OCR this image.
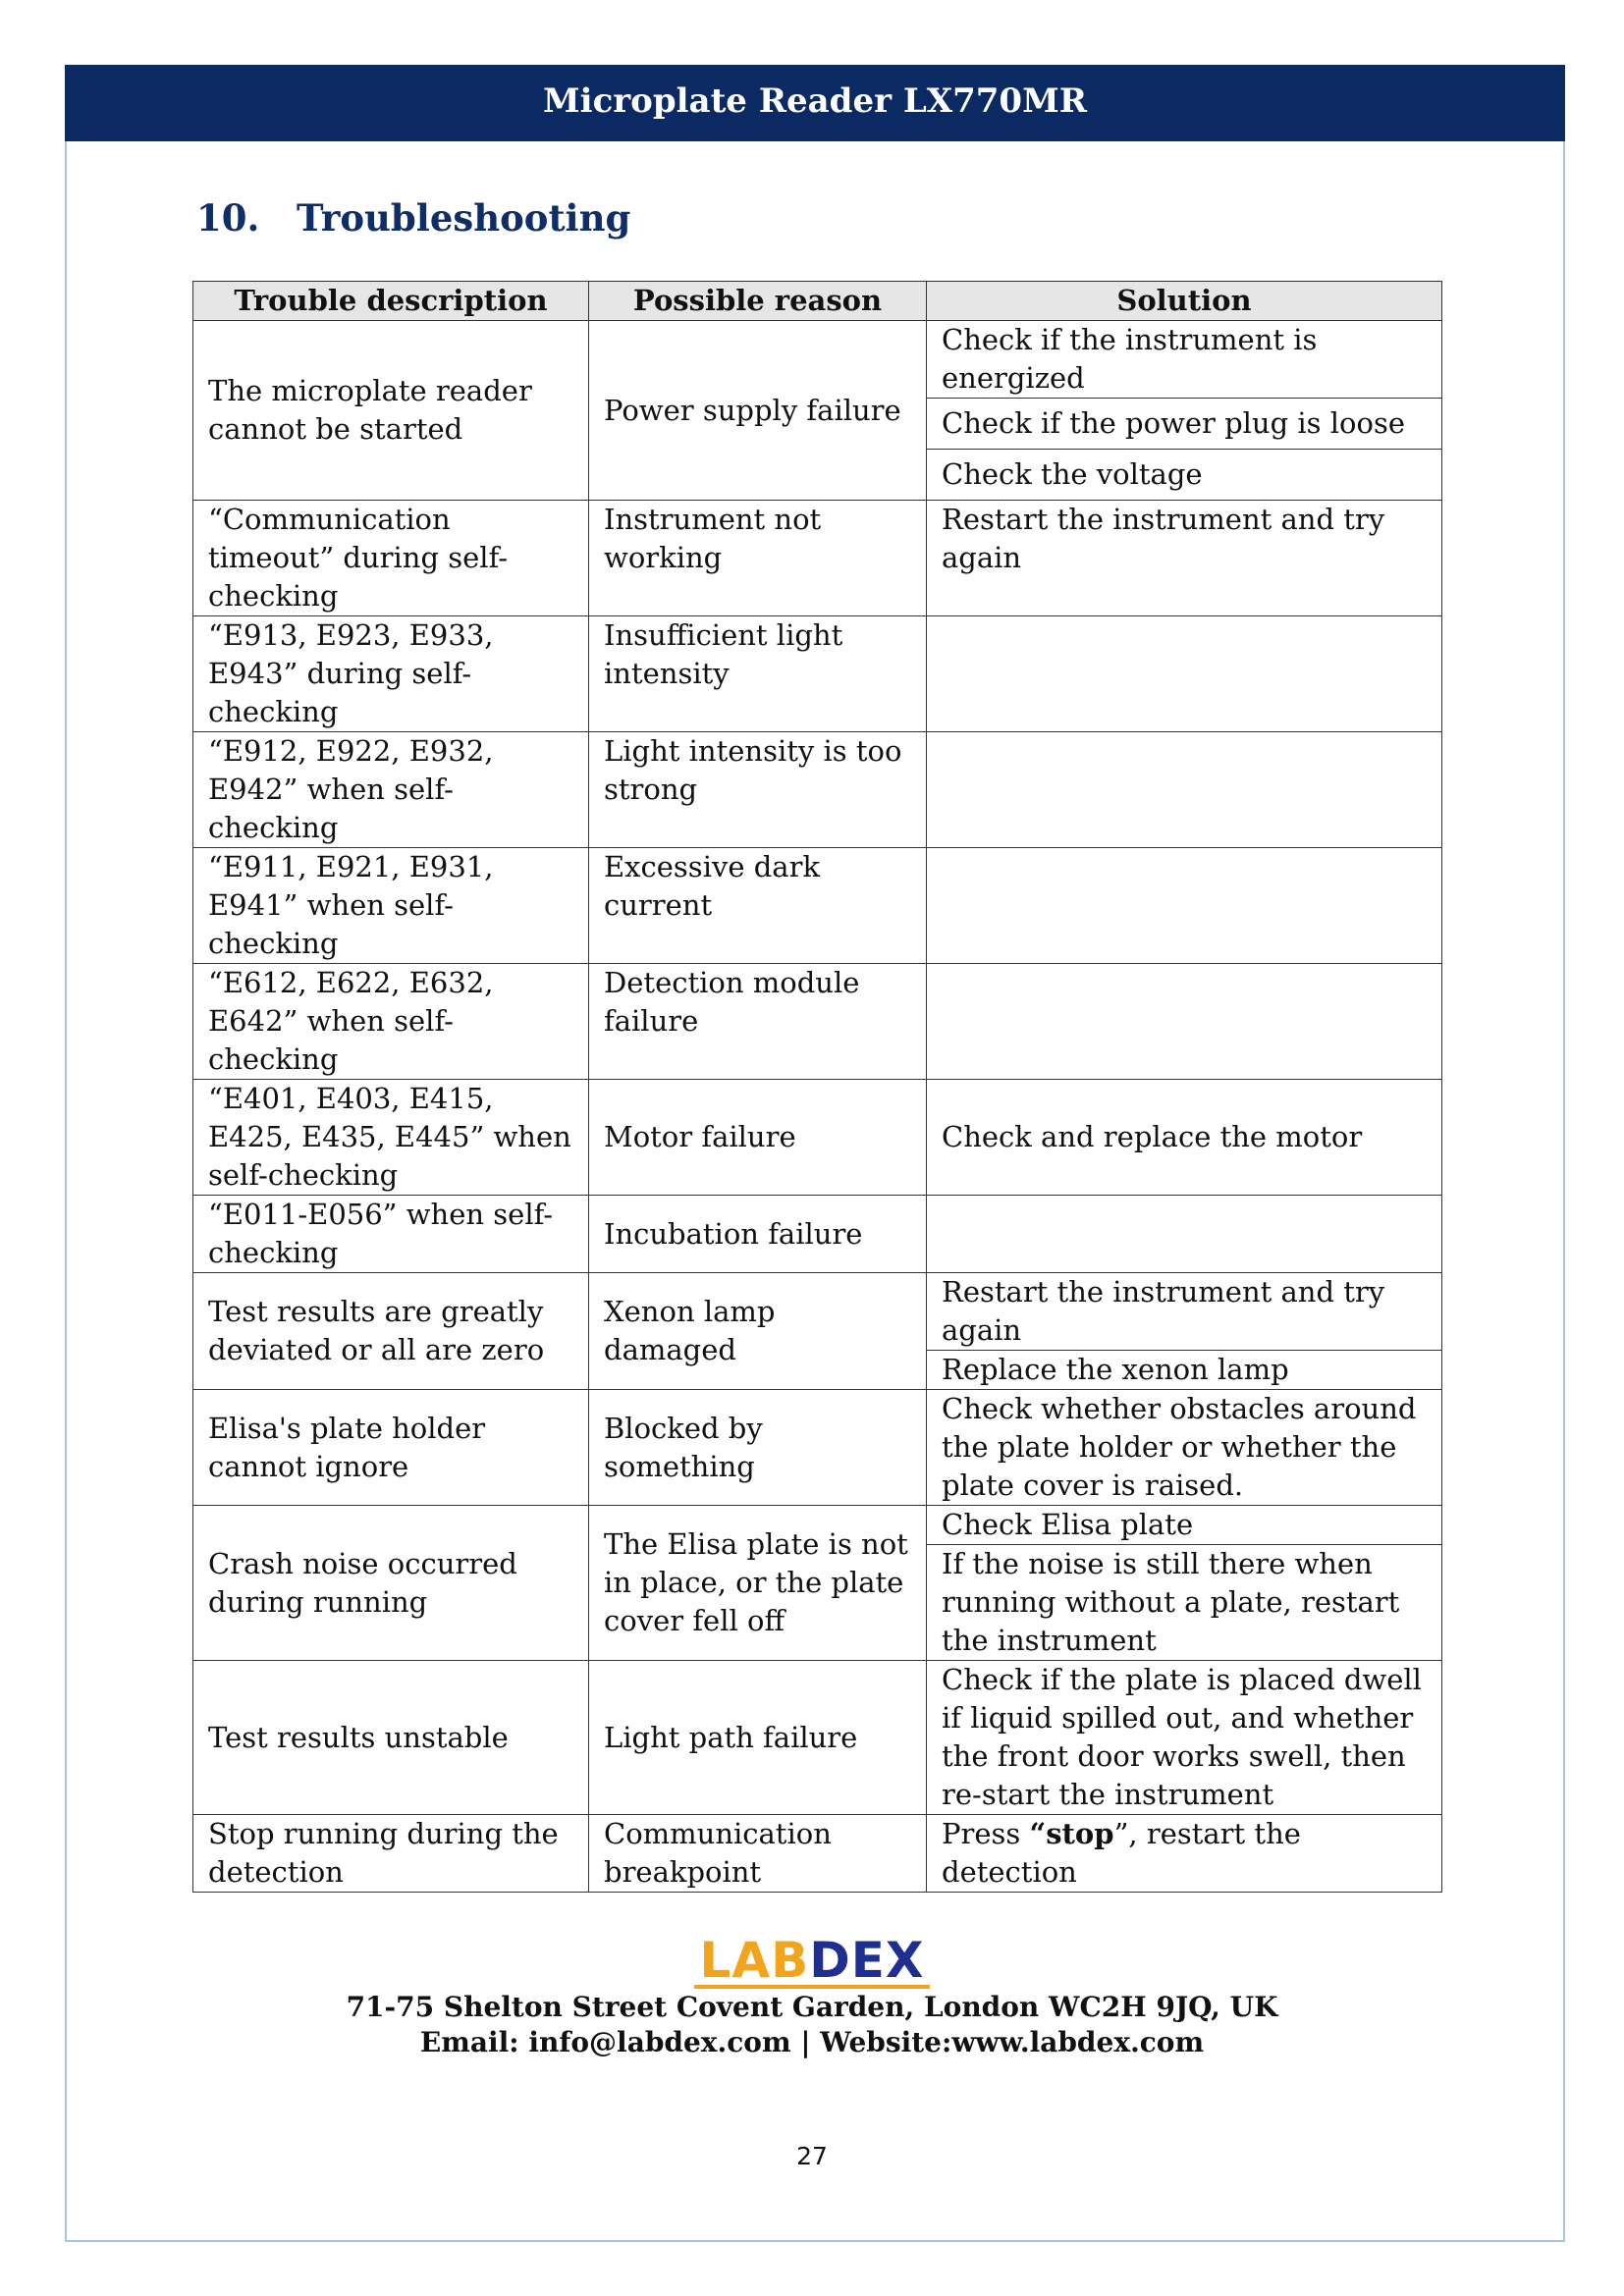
Microplate Reader LX770MR
10. Troubleshooting
Trouble description	Possible reason	Solution
The microplate reader cannot be started	Power supply failure	Check if the instrument is energized
		Check if the power plug is loose
		Check the voltage
“Communication timeout” during self-checking	Instrument not working	Restart the instrument and try again
“E913, E923, E933, E943” during self-checking	Insufficient light intensity	
“E912, E922, E932, E942” when self-checking	Light intensity is too strong	
“E911, E921, E931, E941” when self-checking	Excessive dark current	
“E612, E622, E632, E642” when self-checking	Detection module failure	
“E401, E403, E415, E425, E435, E445” when self-checking	Motor failure	Check and replace the motor
“E011-E056” when self-checking	Incubation failure	
Test results are greatly deviated or all are zero	Xenon lamp damaged	Restart the instrument and try again
		Replace the xenon lamp
Elisa's plate holder cannot ignore	Blocked by something	Check whether obstacles around the plate holder or whether the plate cover is raised.
Crash noise occurred during running	The Elisa plate is not in place, or the plate cover fell off	Check Elisa plate
		If the noise is still there when running without a plate, restart the instrument
Test results unstable	Light path failure	Check if the plate is placed dwell if liquid spilled out, and whether the front door works swell, then re-start the instrument
Stop running during the detection	Communication breakpoint	Press “stop”, restart the detection
LABDEX
71-75 Shelton Street Covent Garden, London WC2H 9JQ, UK
Email: info@labdex.com | Website:www.labdex.com
27
